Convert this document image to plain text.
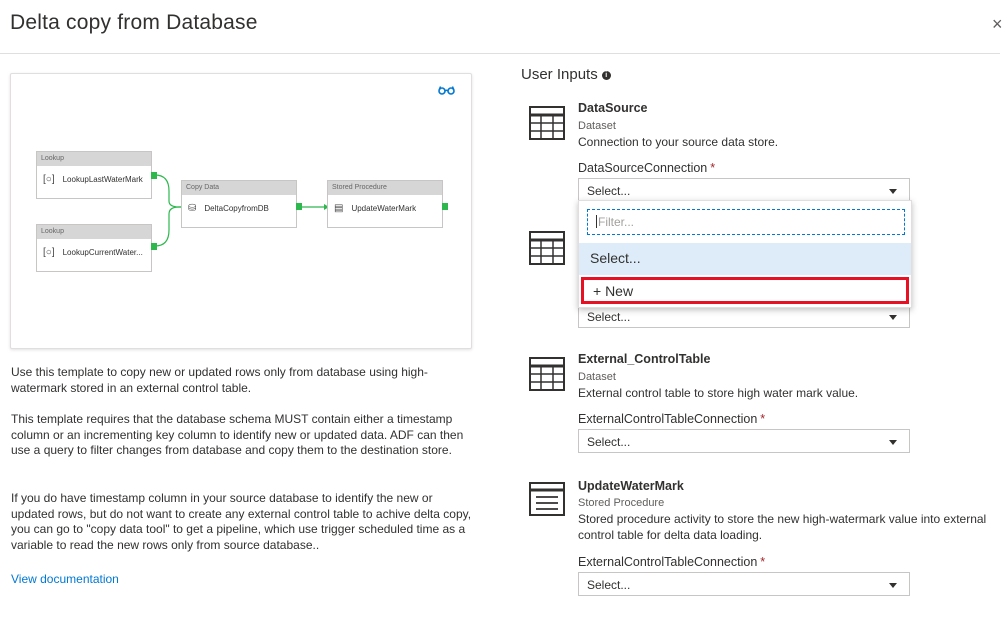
Delta copy from Database	×
Lookup
[○] LookupLastWaterMark
Lookup
[○] LookupCurrentWater...
Copy Data
⛁ DeltaCopyfromDB
Stored Procedure
▤ UpdateWaterMark
Use this template to copy new or updated rows only from database using high-watermark stored in an external control table.
This template requires that the database schema MUST contain either a timestamp column or an incrementing key column to identify new or updated data. ADF can then use a query to filter changes from database and copy them to the destination store.
If you do have timestamp column in your source database to identify the new or updated rows, but do not want to create any external control table to achive delta copy, you can go to "copy data tool" to get a pipeline, which use trigger scheduled time as a variable to read the new rows only from source database..
View documentation
User Inputs i
DataSource
Dataset
Connection to your source data store.
DataSourceConnection *
Select...
Select...
Filter...
Select...
+ New
External_ControlTable
Dataset
External control table to store high water mark value.
ExternalControlTableConnection *
Select...
UpdateWaterMark
Stored Procedure
Stored procedure activity to store the new high-watermark value into external control table for delta data loading.
ExternalControlTableConnection *
Select...
